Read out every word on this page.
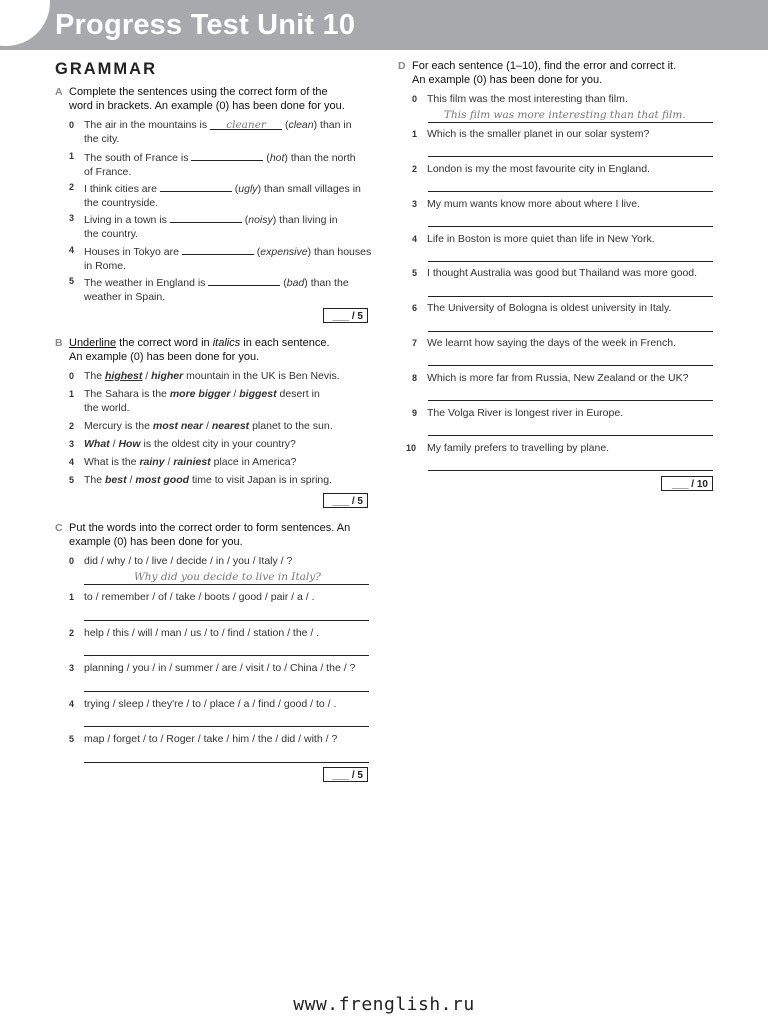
Progress Test Unit 10
GRAMMAR
A Complete the sentences using the correct form of the
word in brackets. An example (0) has been done for you.
0 The air in the mountains is cleaner (clean) than in
the city.
1 The south of France is	(hot) than the north
of France.
2 I think cities are	(ugly) than small villages in
the countryside.
3 Living in a town is	(noisy) than living in
the country.
4 Houses in Tokyo are	(expensive) than houses
in Rome.
5 The weather in England is	(bad) than the
weather in Spain.
___ / 5
B Underline the correct word in italics in each sentence.
An example (0) has been done for you.
0 The highest / higher mountain in the UK is Ben Nevis.
1 The Sahara is the more bigger / biggest desert in
the world.
2 Mercury is the most near / nearest planet to the sun.
3 What / How is the oldest city in your country?
4 What is the rainy / rainiest place in America?
5 The best / most good time to visit Japan is in spring.
___ / 5
C Put the words into the correct order to form sentences. An
example (0) has been done for you.
0 did / why / to / live / decide / in / you / Italy / ?
Why did you decide to live in Italy?
1 to / remember / of / take / boots / good / pair / a / .
2 help / this / will / man / us / to / find / station / the / .
3 planning / you / in / summer / are / visit / to / China / the / ?
4 trying / sleep / they're / to / place / a / find / good / to / .
5 map / forget / to / Roger / take / him / the / did / with / ?
___ / 5
D For each sentence (1–10), find the error and correct it.
An example (0) has been done for you.
0 This film was the most interesting than film.
This film was more interesting than that film.
1 Which is the smaller planet in our solar system?
2 London is my the most favourite city in England.
3 My mum wants know more about where I live.
4 Life in Boston is more quiet than life in New York.
5 I thought Australia was good but Thailand was more good.
6 The University of Bologna is oldest university in Italy.
7 We learnt how saying the days of the week in French.
8 Which is more far from Russia, New Zealand or the UK?
9 The Volga River is longest river in Europe.
10 My family prefers to travelling by plane.
___ / 10
www.frenglish.ru
